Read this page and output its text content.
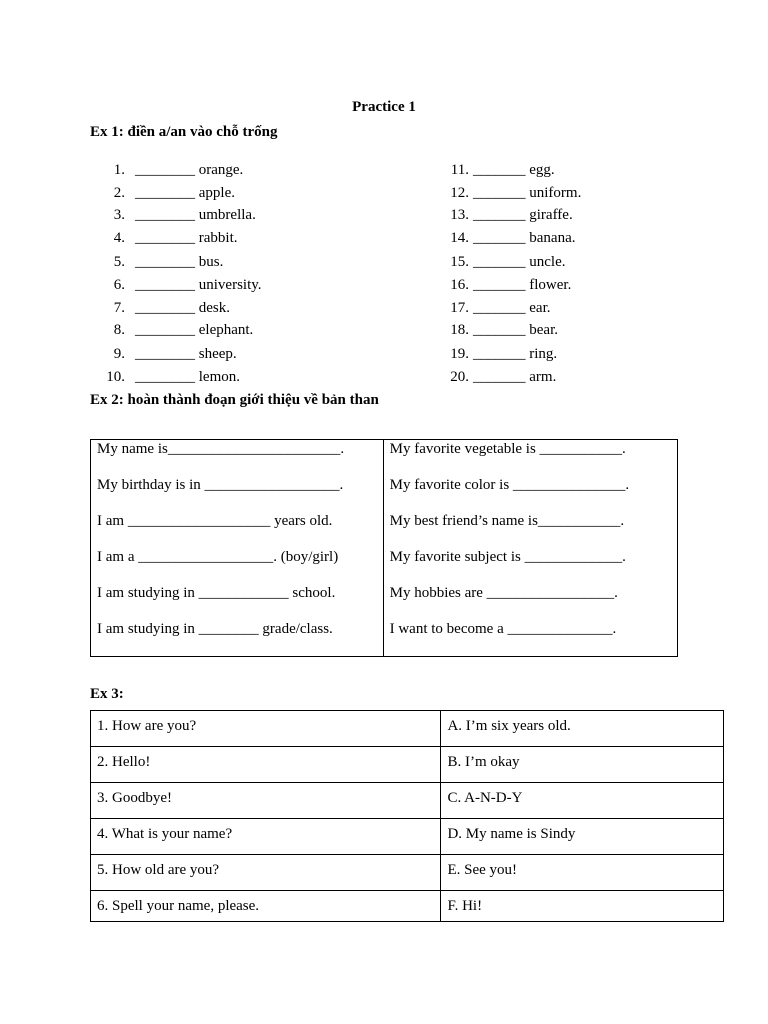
Practice 1
Ex 1: điền a/an vào chỗ trống
1. ________ orange.
2. ________ apple.
3. ________ umbrella.
4. ________ rabbit.
5. ________ bus.
6. ________ university.
7. ________ desk.
8. ________ elephant.
9. ________ sheep.
10. ________ lemon.
11. _______ egg.
12. _______ uniform.
13. _______ giraffe.
14. _______ banana.
15. _______ uncle.
16. _______ flower.
17. _______ ear.
18. _______ bear.
19. _______ ring.
20. _______ arm.
Ex 2: hoàn thành đoạn giới thiệu về bản than
My name is_______________________.	My favorite vegetable is ___________.
My birthday is in __________________.	My favorite color is _______________.
I am ___________________ years old.	My best friend’s name is___________.
I am a __________________. (boy/girl)	My favorite subject is _____________.
I am studying in ____________ school.	My hobbies are _________________.
I am studying in ________ grade/class.	I want to become a ______________.
Ex 3:
1. How are you?	A. I’m six years old.
2. Hello!	B. I’m okay
3. Goodbye!	C. A-N-D-Y
4. What is your name?	D. My name is Sindy
5. How old are you?	E. See you!
6. Spell your name, please.	F. Hi!
